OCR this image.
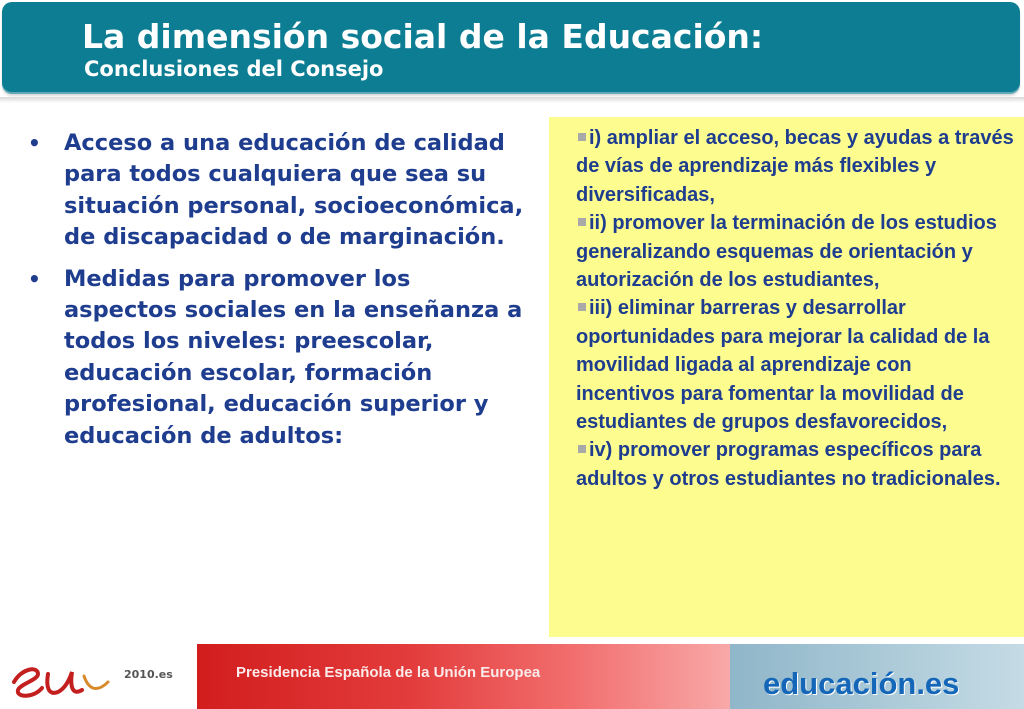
La dimensión social de la Educación:
Conclusiones del Consejo
• Acceso a una educación de calidad para todos cualquiera que sea su situación personal, socioeconómica, de discapacidad o de marginación.
• Medidas para promover los aspectos sociales en la enseñanza a todos los niveles: preescolar, educación escolar, formación profesional, educación superior y educación de adultos:
i) ampliar el acceso, becas y ayudas a través de vías de aprendizaje más flexibles y diversificadas,
ii) promover la terminación de los estudios generalizando esquemas de orientación y autorización de los estudiantes,
iii) eliminar barreras y desarrollar oportunidades para mejorar la calidad de la movilidad ligada al aprendizaje con incentivos para fomentar la movilidad de estudiantes de grupos desfavorecidos,
iv) promover programas específicos para adultos y otros estudiantes no tradicionales.
2010.es	Presidencia Española de la Unión Europea	educación.es
